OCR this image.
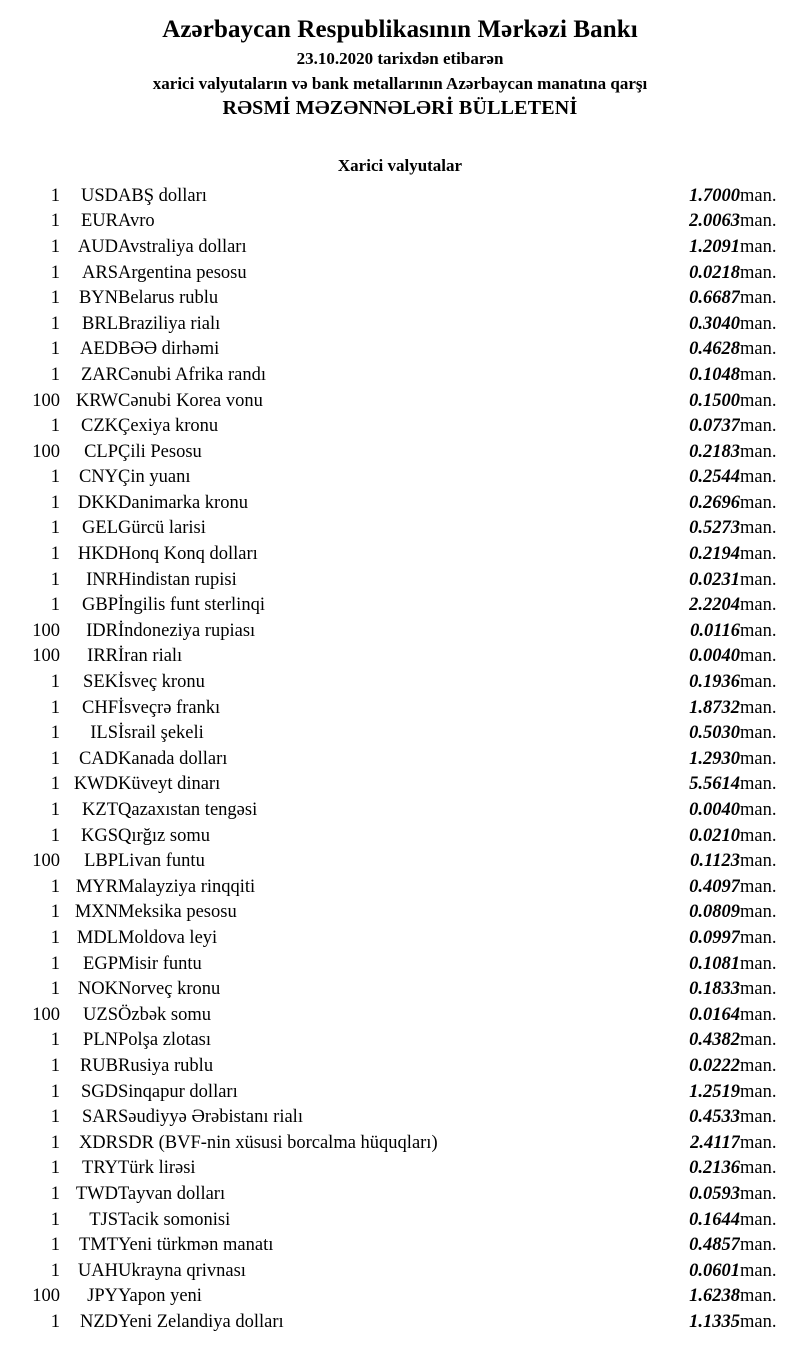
Azərbaycan Respublikasının Mərkəzi Bankı
23.10.2020 tarixdən etibarən
xarici valyutaların və bank metallarının Azərbaycan manatına qarşı
RƏSMİ MƏZƏNNƏLƏRİ BÜLLETENİ
Xarici valyutalar
1	USD	ABŞ dolları	1.7000	man.
1	EUR	Avro	2.0063	man.
1	AUD	Avstraliya dolları	1.2091	man.
1	ARS	Argentina pesosu	0.0218	man.
1	BYN	Belarus rublu	0.6687	man.
1	BRL	Braziliya rialı	0.3040	man.
1	AED	BƏƏ dirhəmi	0.4628	man.
1	ZAR	Cənubi Afrika randı	0.1048	man.
100	KRW	Cənubi Korea vonu	0.1500	man.
1	CZK	Çexiya kronu	0.0737	man.
100	CLP	Çili Pesosu	0.2183	man.
1	CNY	Çin yuanı	0.2544	man.
1	DKK	Danimarka kronu	0.2696	man.
1	GEL	Gürcü larisi	0.5273	man.
1	HKD	Honq Konq dolları	0.2194	man.
1	INR	Hindistan rupisi	0.0231	man.
1	GBP	İngilis funt sterlinqi	2.2204	man.
100	IDR	İndoneziya rupiası	0.0116	man.
100	IRR	İran rialı	0.0040	man.
1	SEK	İsveç kronu	0.1936	man.
1	CHF	İsveçrə frankı	1.8732	man.
1	ILS	İsrail şekeli	0.5030	man.
1	CAD	Kanada dolları	1.2930	man.
1	KWD	Küveyt dinarı	5.5614	man.
1	KZT	Qazaxıstan tengəsi	0.0040	man.
1	KGS	Qırğız somu	0.0210	man.
100	LBP	Livan funtu	0.1123	man.
1	MYR	Malayziya rinqqiti	0.4097	man.
1	MXN	Meksika pesosu	0.0809	man.
1	MDL	Moldova leyi	0.0997	man.
1	EGP	Misir funtu	0.1081	man.
1	NOK	Norveç kronu	0.1833	man.
100	UZS	Özbək somu	0.0164	man.
1	PLN	Polşa zlotası	0.4382	man.
1	RUB	Rusiya rublu	0.0222	man.
1	SGD	Sinqapur dolları	1.2519	man.
1	SAR	Səudiyyə Ərəbistanı rialı	0.4533	man.
1	XDR	SDR (BVF-nin xüsusi borcalma hüquqları)	2.4117	man.
1	TRY	Türk lirəsi	0.2136	man.
1	TWD	Tayvan dolları	0.0593	man.
1	TJS	Tacik somonisi	0.1644	man.
1	TMT	Yeni türkmən manatı	0.4857	man.
1	UAH	Ukrayna qrivnası	0.0601	man.
100	JPY	Yapon yeni	1.6238	man.
1	NZD	Yeni Zelandiya dolları	1.1335	man.
